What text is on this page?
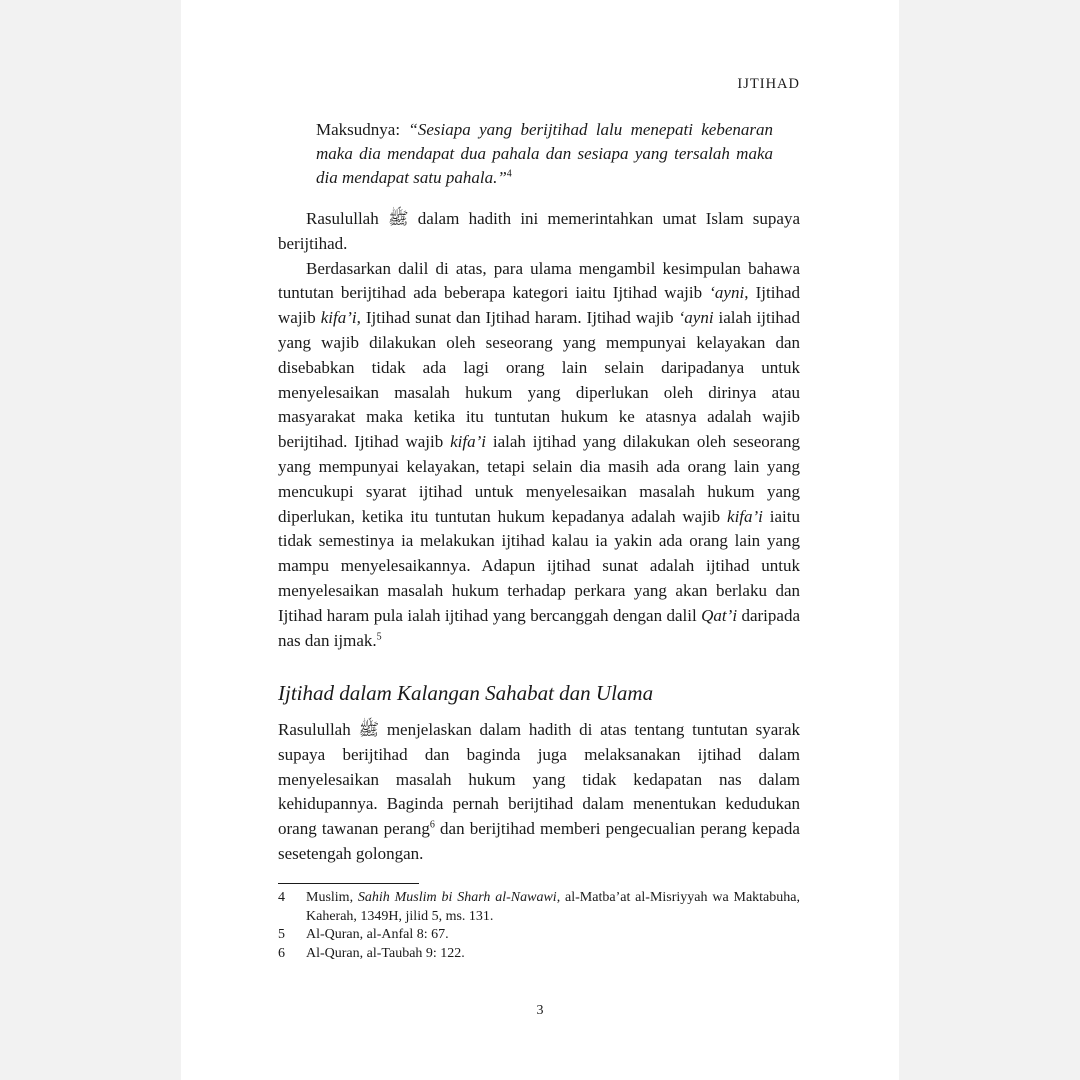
IJTIHAD
Maksudnya: “Sesiapa yang berijtihad lalu menepati kebenaran maka dia mendapat dua pahala dan sesiapa yang tersalah maka dia mendapat satu pahala.”$^4$

Rasulullah ﷺ dalam hadith ini memerintahkan umat Islam supaya berijtihad.

Berdasarkan dalil di atas, para ulama mengambil kesimpulan bahawa tuntutan berijtihad ada beberapa kategori iaitu Ijtihad wajib ‘ayni, Ijtihad wajib kifa’i, Ijtihad sunat dan Ijtihad haram. Ijtihad wajib ‘ayni ialah ijtihad yang wajib dilakukan oleh seseorang yang mempunyai kelayakan dan disebabkan tidak ada lagi orang lain selain daripadanya untuk menyelesaikan masalah hukum yang diperlukan oleh dirinya atau masyarakat maka ketika itu tuntutan hukum ke atasnya adalah wajib berijtihad. Ijtihad wajib kifa’i ialah ijtihad yang dilakukan oleh seseorang yang mempunyai kelayakan, tetapi selain dia masih ada orang lain yang mencukupi syarat ijtihad untuk menyelesaikan masalah hukum yang diperlukan, ketika itu tuntutan hukum kepadanya adalah wajib kifa’i iaitu tidak semestinya ia melakukan ijtihad kalau ia yakin ada orang lain yang mampu menyelesaikannya. Adapun ijtihad sunat adalah ijtihad untuk menyelesaikan masalah hukum terhadap perkara yang akan berlaku dan Ijtihad haram pula ialah ijtihad yang bercanggah dengan dalil Qat’i daripada nas dan ijmak.$^5$

Ijtihad dalam Kalangan Sahabat dan Ulama

Rasulullah ﷺ menjelaskan dalam hadith di atas tentang tuntutan syarak supaya berijtihad dan baginda juga melaksanakan ijtihad dalam menyelesaikan masalah hukum yang tidak kedapatan nas dalam kehidupannya. Baginda pernah berijtihad dalam menentukan kedudukan orang tawanan perang$^6$ dan berijtihad memberi pengecualian perang kepada sesetengah golongan.

4	Muslim, Sahih Muslim bi Sharh al-Nawawi, al-Matba’at al-Misriyyah wa Maktabuha, Kaherah, 1349H, jilid 5, ms. 131.
5	Al-Quran, al-Anfal 8: 67.
6	Al-Quran, al-Taubah 9: 122.
3
